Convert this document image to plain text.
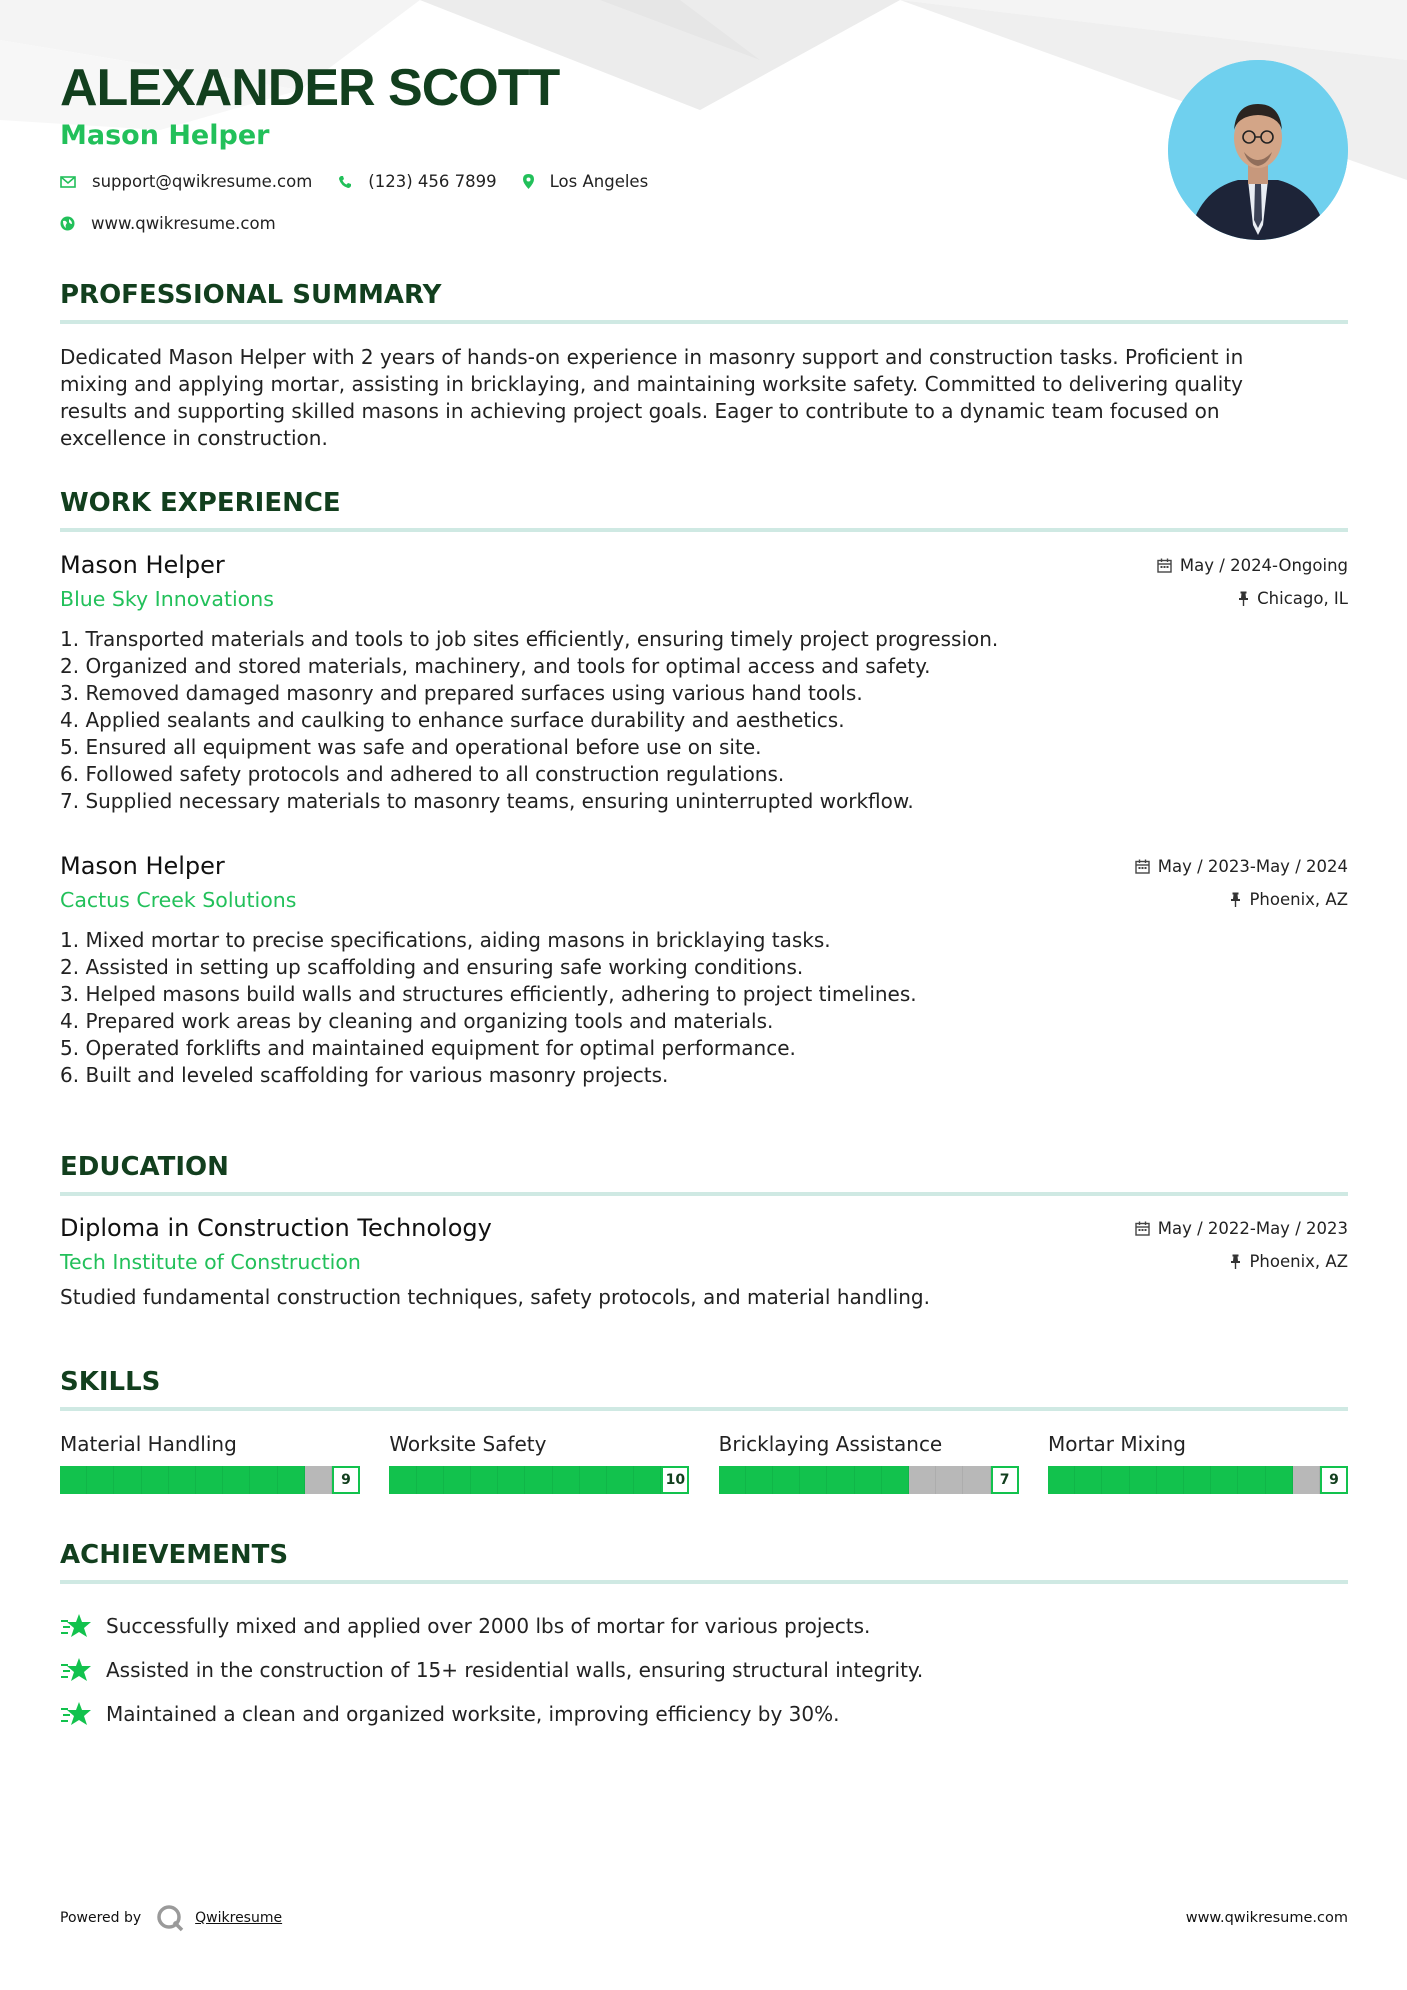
ALEXANDER SCOTT
Mason Helper
support@qwikresume.com	(123) 456 7899	Los Angeles
www.qwikresume.com
PROFESSIONAL SUMMARY

Dedicated Mason Helper with 2 years of hands-on experience in masonry support and construction tasks. Proficient in
mixing and applying mortar, assisting in bricklaying, and maintaining worksite safety. Committed to delivering quality
results and supporting skilled masons in achieving project goals. Eager to contribute to a dynamic team focused on
excellence in construction.

WORK EXPERIENCE
Mason Helper
Blue Sky Innovations
May / 2024-Ongoing
Chicago, IL
1. Transported materials and tools to job sites efficiently, ensuring timely project progression.
2. Organized and stored materials, machinery, and tools for optimal access and safety.
3. Removed damaged masonry and prepared surfaces using various hand tools.
4. Applied sealants and caulking to enhance surface durability and aesthetics.
5. Ensured all equipment was safe and operational before use on site.
6. Followed safety protocols and adhered to all construction regulations.
7. Supplied necessary materials to masonry teams, ensuring uninterrupted workflow.
Mason Helper
Cactus Creek Solutions
May / 2023-May / 2024
Phoenix, AZ
1. Mixed mortar to precise specifications, aiding masons in bricklaying tasks.
2. Assisted in setting up scaffolding and ensuring safe working conditions.
3. Helped masons build walls and structures efficiently, adhering to project timelines.
4. Prepared work areas by cleaning and organizing tools and materials.
5. Operated forklifts and maintained equipment for optimal performance.
6. Built and leveled scaffolding for various masonry projects.
EDUCATION
Diploma in Construction Technology
Tech Institute of Construction
May / 2022-May / 2023
Phoenix, AZ

Studied fundamental construction techniques, safety protocols, and material handling.

SKILLS
Material Handling
9
Worksite Safety
10
Bricklaying Assistance
7
Mortar Mixing
9
ACHIEVEMENTS
Successfully mixed and applied over 2000 lbs of mortar for various projects.
Assisted in the construction of 15+ residential walls, ensuring structural integrity.
Maintained a clean and organized worksite, improving efficiency by 30%.
Powered by	Qwikresume	www.qwikresume.com
